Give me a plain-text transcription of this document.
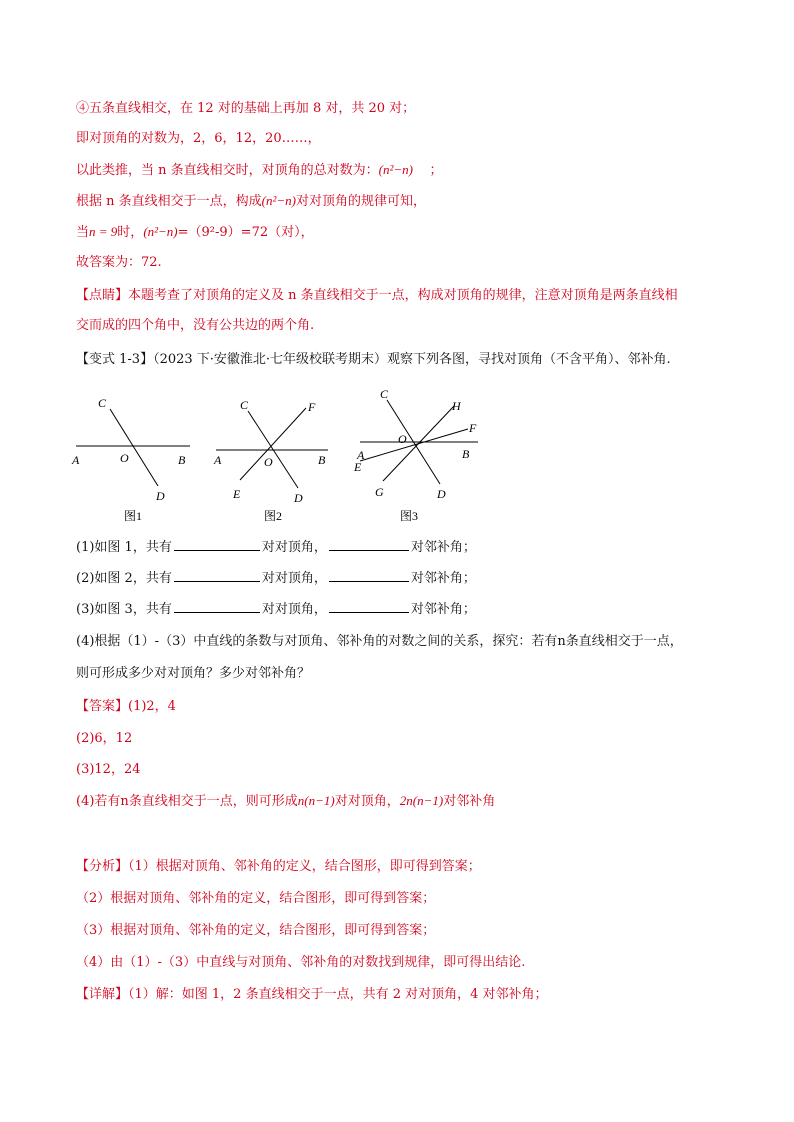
④五条直线相交，在 12 对的基础上再加 8 对，共 20 对；
即对顶角的对数为，2，6，12，20……，
以此类推，当 n 条直线相交时，对顶角的总对数为：(n²−n) ；
根据 n 条直线相交于一点，构成(n²−n)对对顶角的规律可知，
当n = 9时，(n²−n)=（9²-9）=72（对），
故答案为：72.
【点睛】本题考查了对顶角的定义及 n 条直线相交于一点，构成对顶角的规律，注意对顶角是两条直线相
交而成的四个角中，没有公共边的两个角.
【变式 1-3】（2023 下·安徽淮北·七年级校联考期末）观察下列各图，寻找对顶角（不含平角）、邻补角.
C
A	O	B
D
图1
C	F
A	O	B
E	D
图2
C
H
F
O
A
E
B
G	D
图3
(1)如图 1，共有	对对顶角，	对邻补角；
(2)如图 2，共有	对对顶角，	对邻补角；
(3)如图 3，共有	对对顶角，	对邻补角；
(4)根据（1）-（3）中直线的条数与对顶角、邻补角的对数之间的关系，探究：若有n条直线相交于一点，
则可形成多少对对顶角？多少对邻补角？
【答案】(1)2，4
(2)6，12
(3)12，24
(4)若有n条直线相交于一点，则可形成n(n−1)对对顶角，2n(n−1)对邻补角
【分析】（1）根据对顶角、邻补角的定义，结合图形，即可得到答案；
（2）根据对顶角、邻补角的定义，结合图形，即可得到答案；
（3）根据对顶角、邻补角的定义，结合图形，即可得到答案；
（4）由（1）-（3）中直线与对顶角、邻补角的对数找到规律，即可得出结论.
【详解】（1）解：如图 1，2 条直线相交于一点，共有 2 对对顶角，4 对邻补角；
